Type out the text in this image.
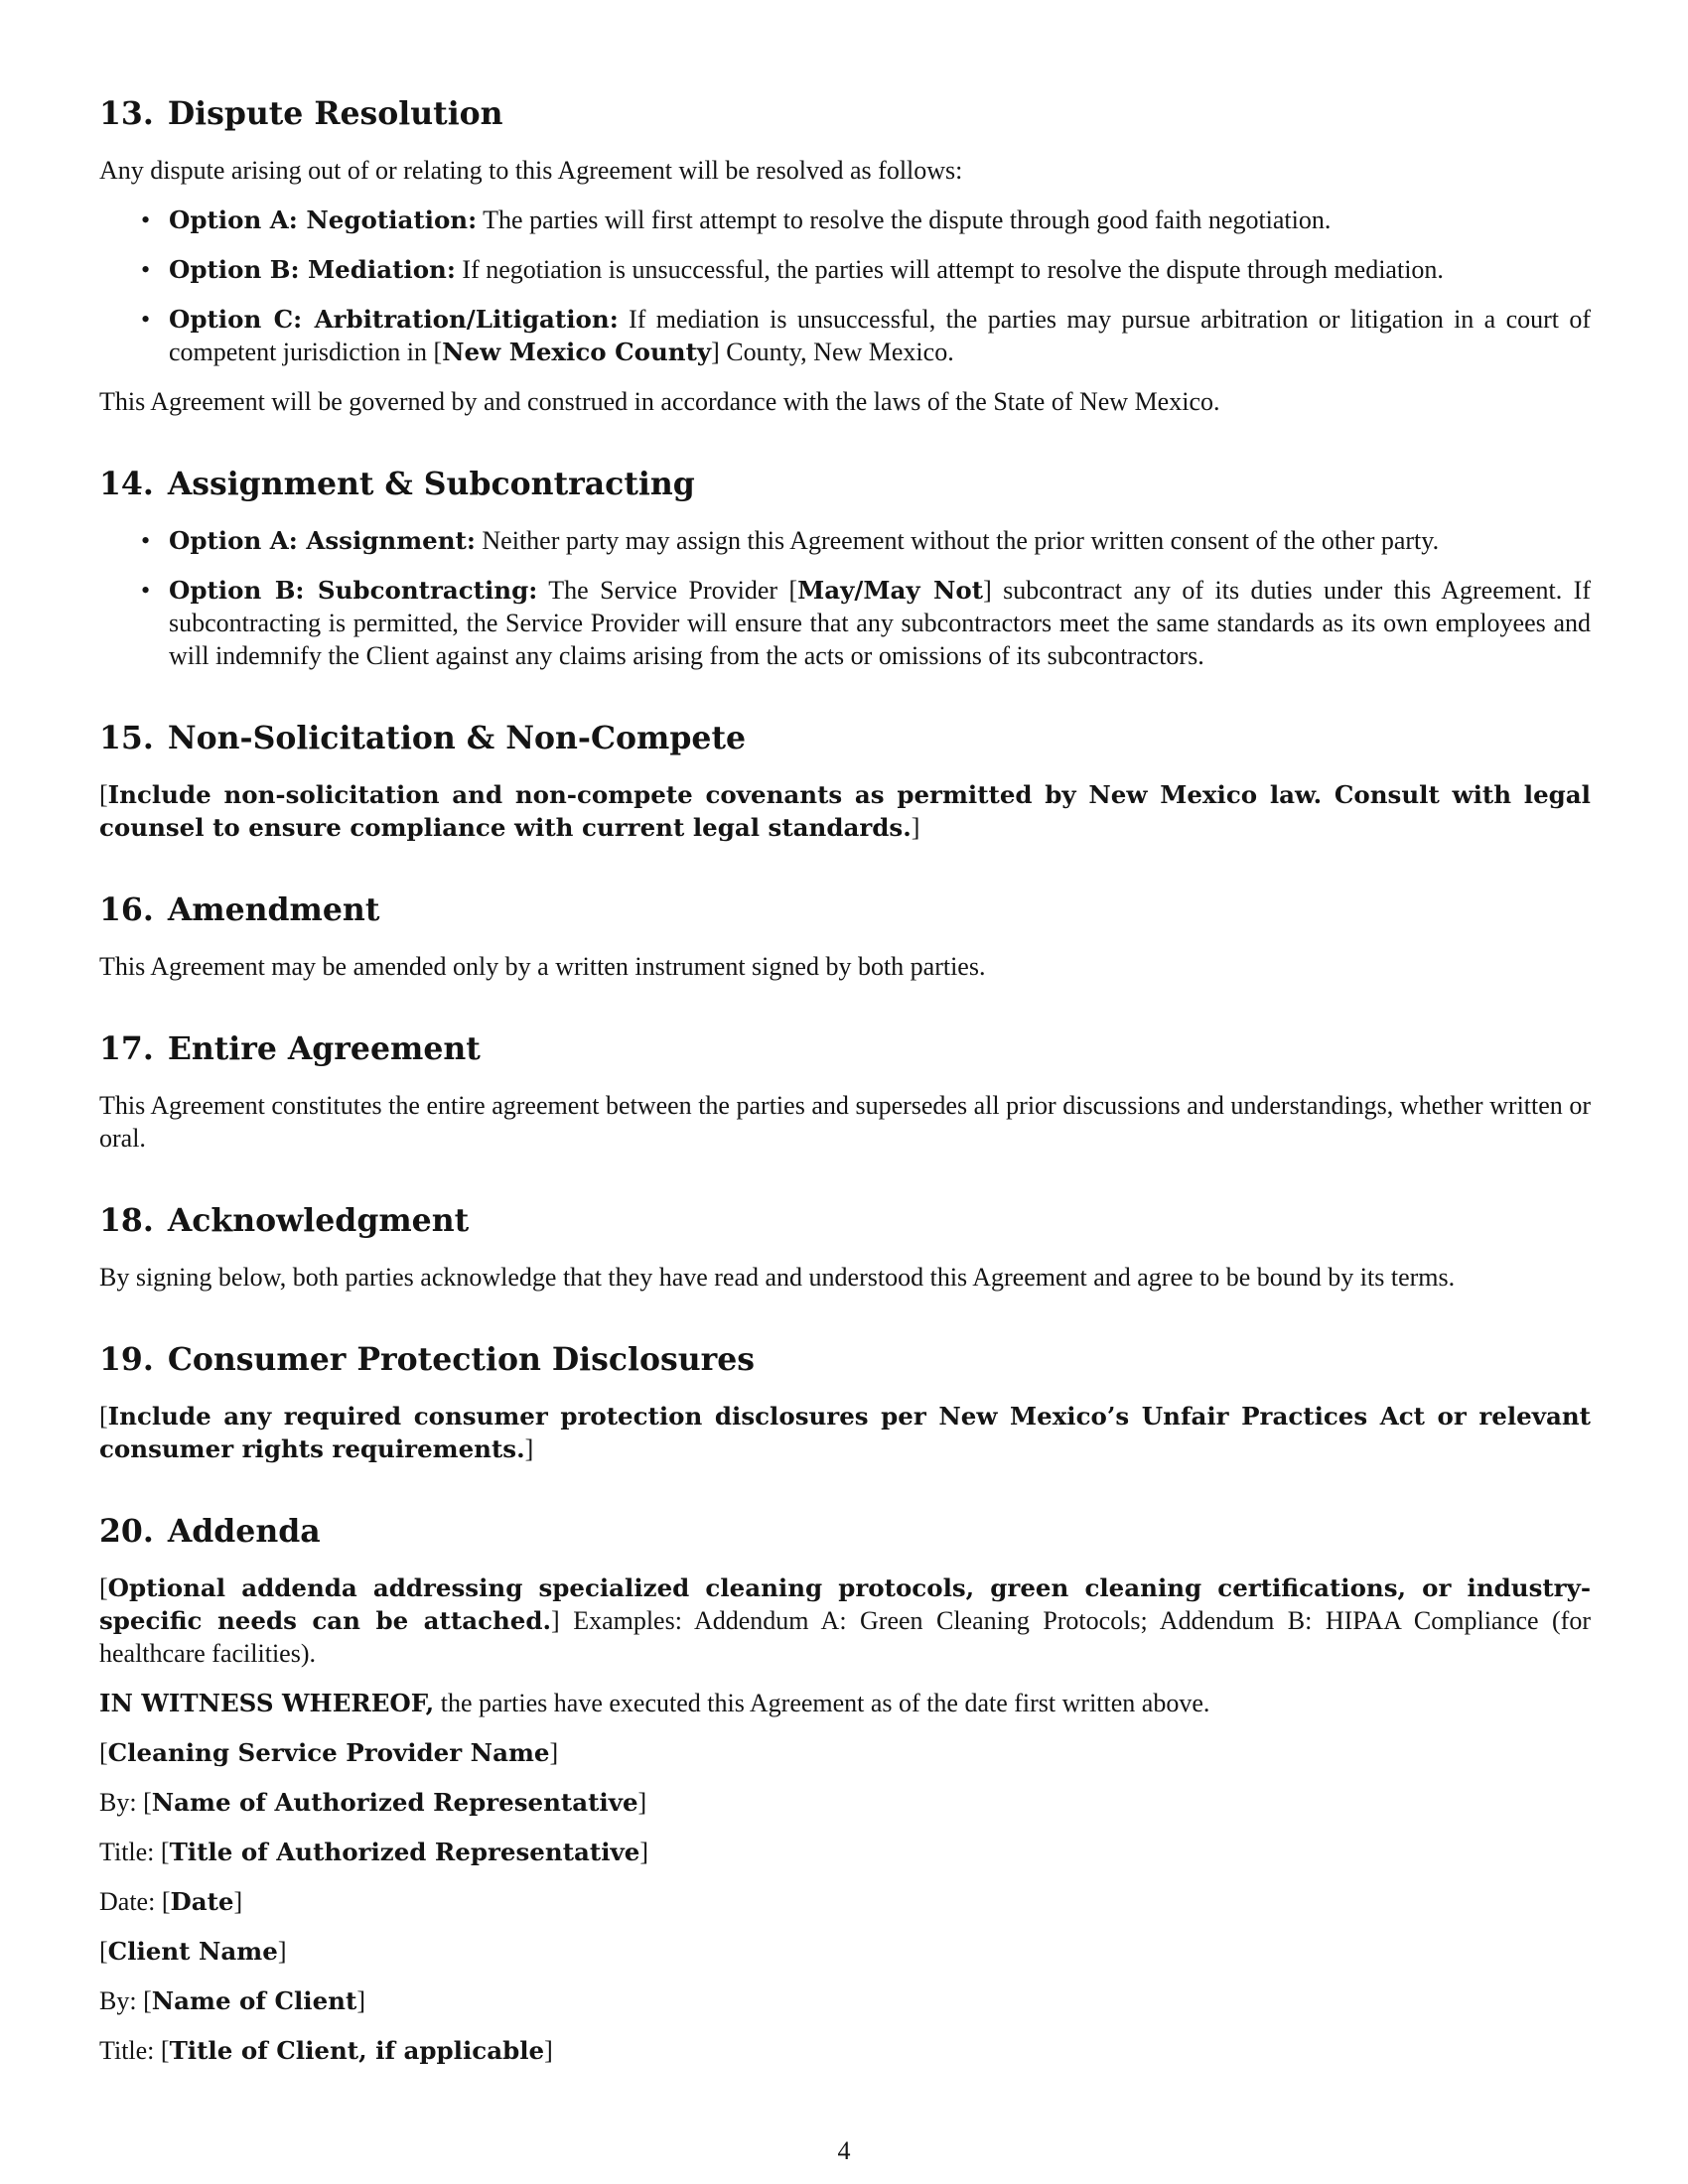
13. Dispute Resolution

Any dispute arising out of or relating to this Agreement will be resolved as follows:

• Option A: Negotiation: The parties will first attempt to resolve the dispute through good faith negotiation.
• Option B: Mediation: If negotiation is unsuccessful, the parties will attempt to resolve the dispute through mediation.
• Option C: Arbitration/Litigation: If mediation is unsuccessful, the parties may pursue arbitration or litigation in a court of competent jurisdiction in [New Mexico County] County, New Mexico.

This Agreement will be governed by and construed in accordance with the laws of the State of New Mexico.

14. Assignment & Subcontracting
• Option A: Assignment: Neither party may assign this Agreement without the prior written consent of the other party.
• Option B: Subcontracting: The Service Provider [May/May Not] subcontract any of its duties under this Agreement. If subcontracting is permitted, the Service Provider will ensure that any subcontractors meet the same standards as its own employees and will indemnify the Client against any claims arising from the acts or omissions of its subcontractors.
15. Non-Solicitation & Non-Compete

[Include non-solicitation and non-compete covenants as permitted by New Mexico law. Consult with legal counsel to ensure compliance with current legal standards.]

16. Amendment

This Agreement may be amended only by a written instrument signed by both parties.

17. Entire Agreement

This Agreement constitutes the entire agreement between the parties and supersedes all prior discussions and understandings, whether written or oral.

18. Acknowledgment

By signing below, both parties acknowledge that they have read and understood this Agreement and agree to be bound by its terms.

19. Consumer Protection Disclosures

[Include any required consumer protection disclosures per New Mexico’s Unfair Practices Act or relevant consumer rights requirements.]

20. Addenda

[Optional addenda addressing specialized cleaning protocols, green cleaning certifications, or industry-specific needs can be attached.] Examples: Addendum A: Green Cleaning Protocols; Addendum B: HIPAA Compliance (for healthcare facilities).

IN WITNESS WHEREOF, the parties have executed this Agreement as of the date first written above.

[Cleaning Service Provider Name]

By: [Name of Authorized Representative]

Title: [Title of Authorized Representative]

Date: [Date]

[Client Name]

By: [Name of Client]

Title: [Title of Client, if applicable]

4
